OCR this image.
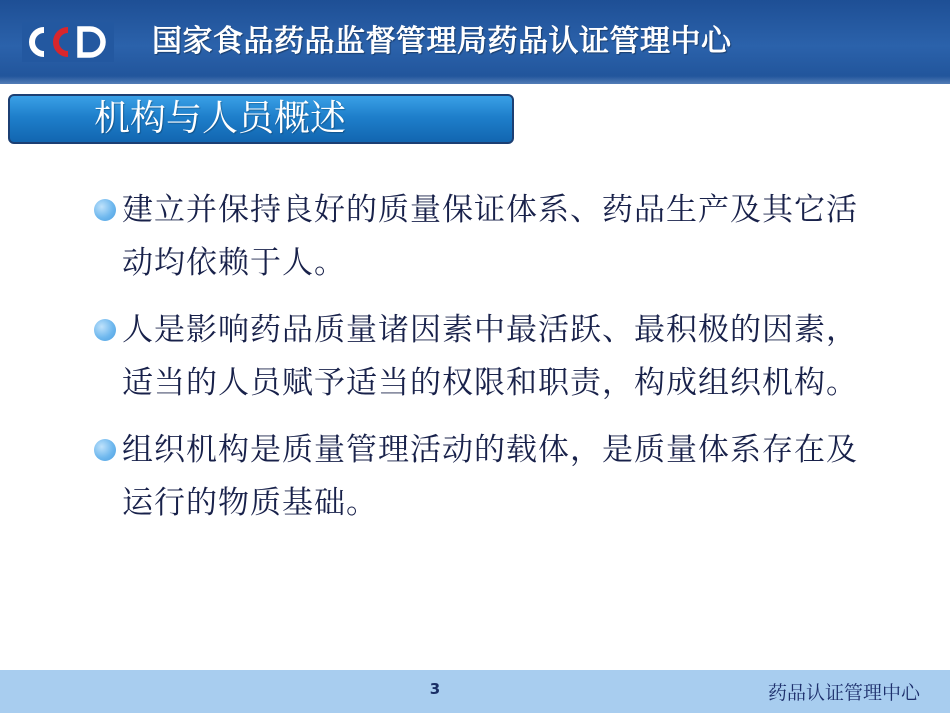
国家食品药品监督管理局药品认证管理中心
机构与人员概述
建立并保持良好的质量保证体系、药品生产及其它活动均依赖于人。
人是影响药品质量诸因素中最活跃、最积极的因素，适当的人员赋予适当的权限和职责，构成组织机构。
组织机构是质量管理活动的载体，是质量体系存在及运行的物质基础。
3	药品认证管理中心
